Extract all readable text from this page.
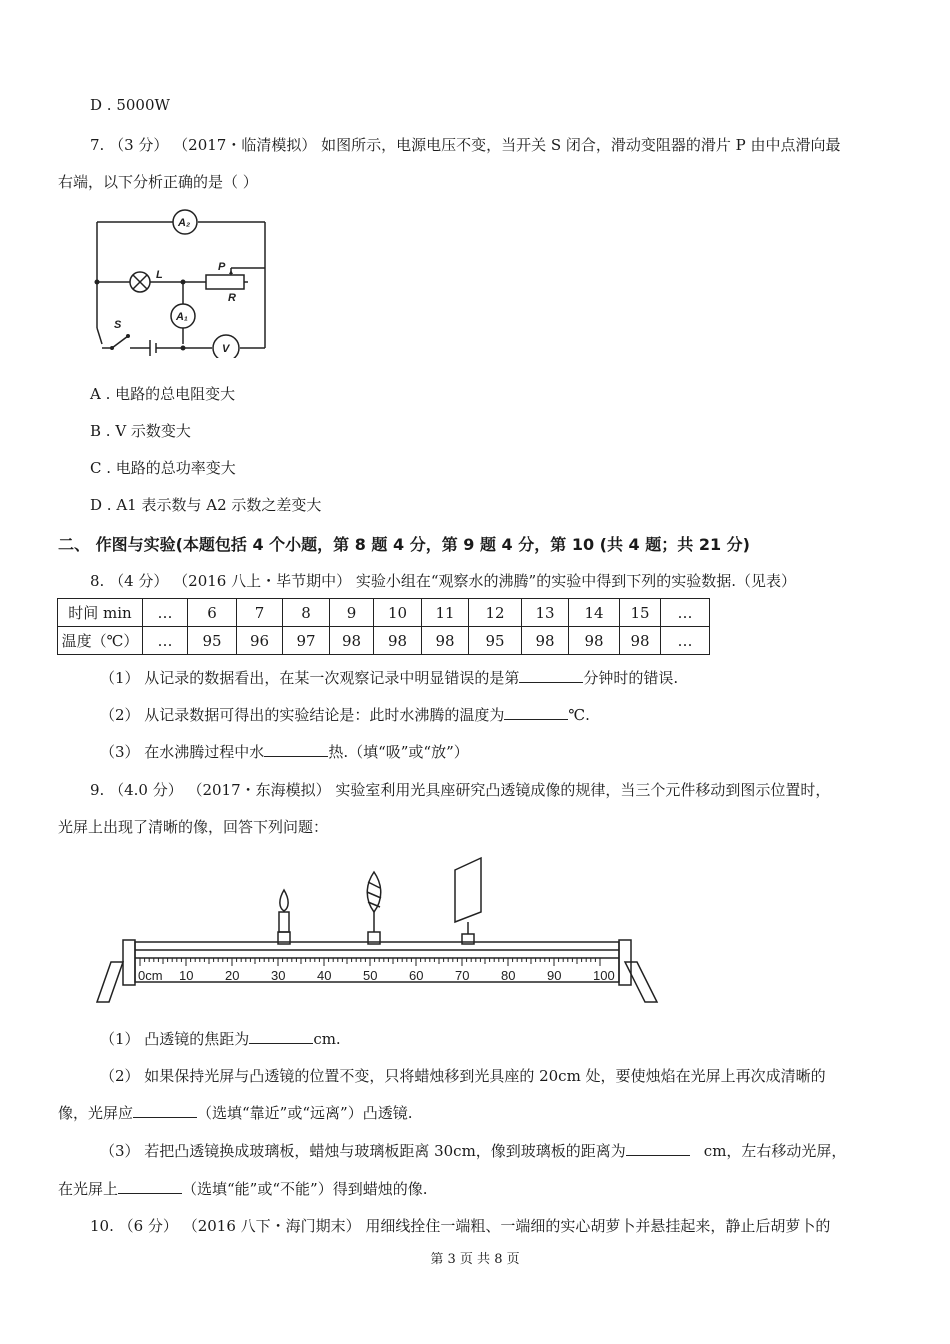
D . 5000W
7. （3 分） （2017・临清模拟） 如图所示，电源电压不变，当开关 S 闭合，滑动变阻器的滑片 P 由中点滑向最
右端，以下分析正确的是（ ）
A₂
L
P
R
A₁
S
V
A . 电路的总电阻变大
B . V 示数变大
C . 电路的总功率变大
D . A1 表示数与 A2 示数之差变大
二、 作图与实验(本题包括 4 个小题，第 8 题 4 分，第 9 题 4 分，第 10 (共 4 题；共 21 分)
8. （4 分） （2016 八上・毕节期中） 实验小组在“观察水的沸腾”的实验中得到下列的实验数据.（见表）
时间 min	…	6	7	8	9	10	11	12	13	14	15	…
温度（℃）	…	95	96	97	98	98	98	95	98	98	98	…
（1） 从记录的数据看出，在某一次观察记录中明显错误的是第	分钟时的错误.
（2） 从记录数据可得出的实验结论是：此时水沸腾的温度为	℃.
（3） 在水沸腾过程中水	热.（填“吸”或“放”）
9. （4.0 分） （2017・东海模拟） 实验室利用光具座研究凸透镜成像的规律，当三个元件移动到图示位置时，
光屏上出现了清晰的像，回答下列问题：
0cm 10 20 30 40 50 60 70 80 90 100
（1） 凸透镜的焦距为	cm.
（2） 如果保持光屏与凸透镜的位置不变，只将蜡烛移到光具座的 20cm 处，要使烛焰在光屏上再次成清晰的
像，光屏应	（选填“靠近”或“远离”）凸透镜.
（3） 若把凸透镜换成玻璃板，蜡烛与玻璃板距离 30cm，像到玻璃板的距离为	cm，左右移动光屏，
在光屏上	（选填“能”或“不能”）得到蜡烛的像.
10. （6 分） （2016 八下・海门期末） 用细线拴住一端粗、一端细的实心胡萝卜并悬挂起来，静止后胡萝卜的
第 3 页 共 8 页
